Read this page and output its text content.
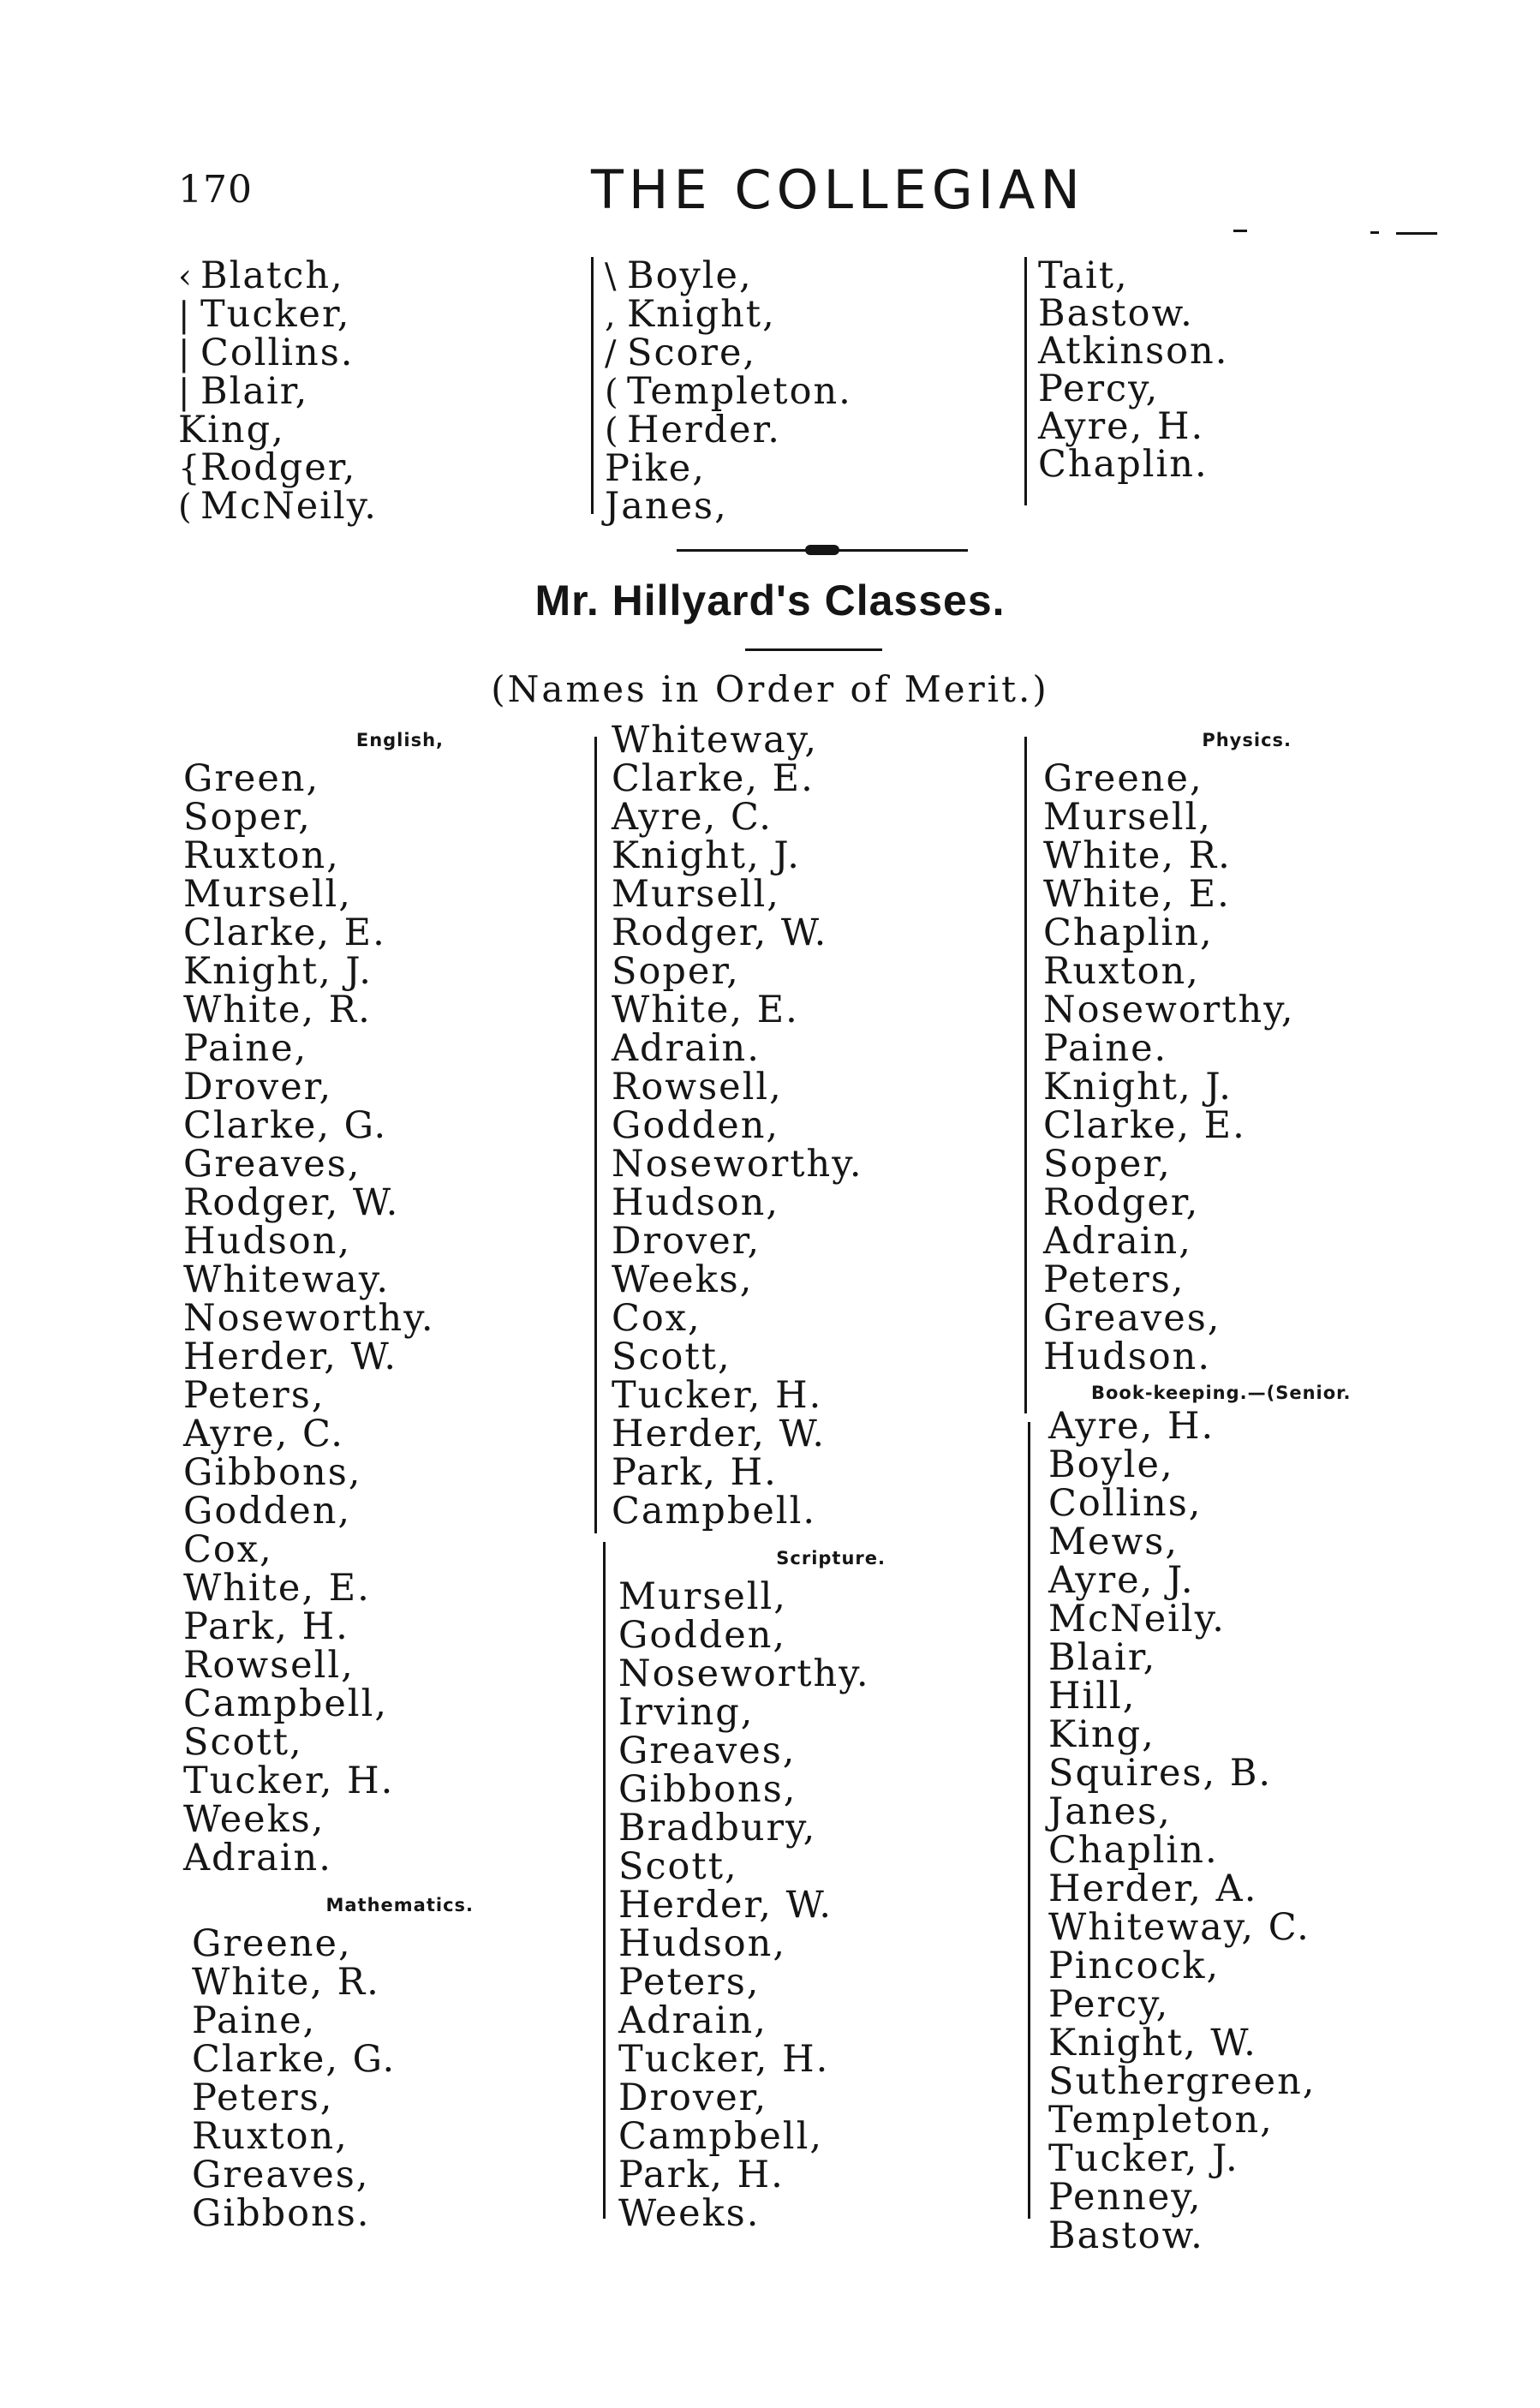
170	THE COLLEGIAN
‹ Blatch,
| Tucker,
| Collins.
| Blair,
King,
{Rodger,
( McNeily.
\ Boyle,
, Knight,
/ Score,
( Templeton.
( Herder.
Pike,
Janes,
Tait,
Bastow.
Atkinson.
Percy,
Ayre, H.
Chaplin.
Mr. Hillyard's Classes.
(Names in Order of Merit.)
English,
Green,
Soper,
Ruxton,
Mursell,
Clarke, E.
Knight, J.
White, R.
Paine,
Drover,
Clarke, G.
Greaves,
Rodger, W.
Hudson,
Whiteway.
Noseworthy.
Herder, W.
Peters,
Ayre, C.
Gibbons,
Godden,
Cox,
White, E.
Park, H.
Rowsell,
Campbell,
Scott,
Tucker, H.
Weeks,
Adrain.
Mathematics.
Greene,
White, R.
Paine,
Clarke, G.
Peters,
Ruxton,
Greaves,
Gibbons.
Whiteway,
Clarke, E.
Ayre, C.
Knight, J.
Mursell,
Rodger, W.
Soper,
White, E.
Adrain.
Rowsell,
Godden,
Noseworthy.
Hudson,
Drover,
Weeks,
Cox,
Scott,
Tucker, H.
Herder, W.
Park, H.
Campbell.
Scripture.
Mursell,
Godden,
Noseworthy.
Irving,
Greaves,
Gibbons,
Bradbury,
Scott,
Herder, W.
Hudson,
Peters,
Adrain,
Tucker, H.
Drover,
Campbell,
Park, H.
Weeks.
Physics.
Greene,
Mursell,
White, R.
White, E.
Chaplin,
Ruxton,
Noseworthy,
Paine.
Knight, J.
Clarke, E.
Soper,
Rodger,
Adrain,
Peters,
Greaves,
Hudson.
Book-keeping.—(Senior.
Ayre, H.
Boyle,
Collins,
Mews,
Ayre, J.
McNeily.
Blair,
Hill,
King,
Squires, B.
Janes,
Chaplin.
Herder, A.
Whiteway, C.
Pincock,
Percy,
Knight, W.
Suthergreen,
Templeton,
Tucker, J.
Penney,
Bastow.
